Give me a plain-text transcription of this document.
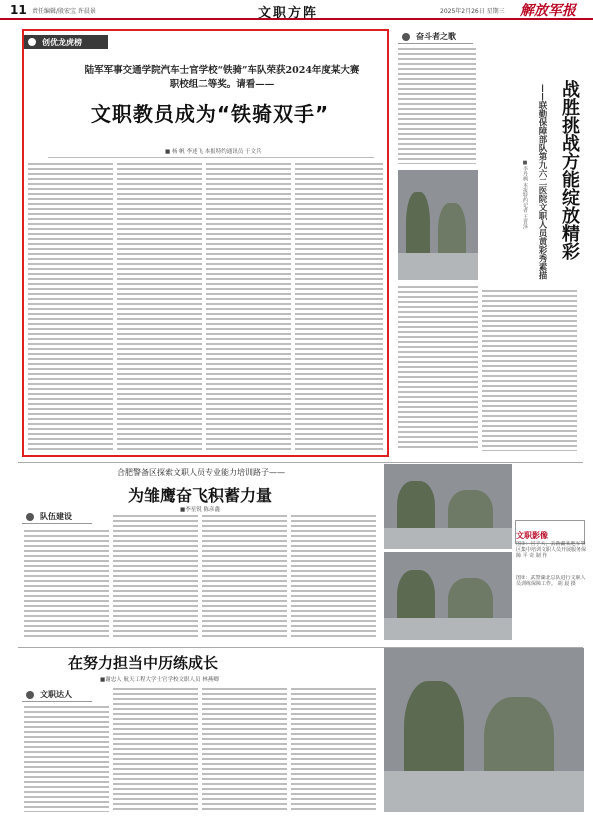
11 责任编辑/殷宏宝 许晨景	文职方阵	2025年2月26日 星期三 解放军报
创优龙虎榜
陆军军事交通学院汽车士官学校“铁骑”车队荣获2024年度某大赛
职校组二等奖。请看——
文职教员成为“铁骑双手”
■ 杨 帆 李述飞 本报特约通讯员 于文兵
奋斗者之歌
战胜挑战方能绽放精彩
——联勤保障部队第九六二医院文职人员黄彩秀素描
■李丹枫 本报特约记者 王晋泽
合肥警备区探索文职人员专业能力培训路子——
为雏鹰奋飞积蓄力量
■李星锐 陈彦鑫
队伍建设
文职影像
图①：官子大，去新疆某地军事区集中培训文职人员开展服务保障 平 奇 制 作
图②：武警湖北总队进行文职人员训练保障工作。 胡 晨 摄
在努力担当中历练成长
■谢忠人 航天工程大学士官学校文职人员 林燕卿
文职达人
